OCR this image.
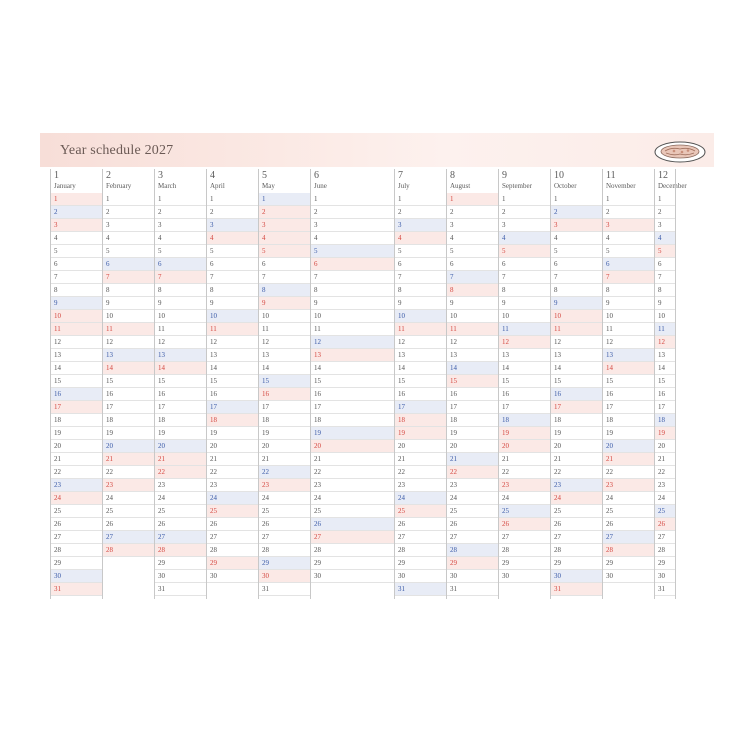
Year schedule 2027
1
January
1
2
3
4
5
6
7
8
9
10
11
12
13
14
15
16
17
18
19
20
21
22
23
24
25
26
27
28
29
30
31
2
February
1
2
3
4
5
6
7
8
9
10
11
12
13
14
15
16
17
18
19
20
21
22
23
24
25
26
27
28
3
March
1
2
3
4
5
6
7
8
9
10
11
12
13
14
15
16
17
18
19
20
21
22
23
24
25
26
27
28
29
30
31
4
April
1
2
3
4
5
6
7
8
9
10
11
12
13
14
15
16
17
18
19
20
21
22
23
24
25
26
27
28
29
30
5
May
1
2
3
4
5
6
7
8
9
10
11
12
13
14
15
16
17
18
19
20
21
22
23
24
25
26
27
28
29
30
31
6
June
1
2
3
4
5
6
7
8
9
10
11
12
13
14
15
16
17
18
19
20
21
22
23
24
25
26
27
28
29
30
7
July
1
2
3
4
5
6
7
8
9
10
11
12
13
14
15
16
17
18
19
20
21
22
23
24
25
26
27
28
29
30
31
8
August
1
2
3
4
5
6
7
8
9
10
11
12
13
14
15
16
17
18
19
20
21
22
23
24
25
26
27
28
29
30
31
9
September
1
2
3
4
5
6
7
8
9
10
11
12
13
14
15
16
17
18
19
20
21
22
23
24
25
26
27
28
29
30
10
October
1
2
3
4
5
6
7
8
9
10
11
12
13
14
15
16
17
18
19
20
21
22
23
24
25
26
27
28
29
30
31
11
November
1
2
3
4
5
6
7
8
9
10
11
12
13
14
15
16
17
18
19
20
21
22
23
24
25
26
27
28
29
30
12
December
1
2
3
4
5
6
7
8
9
10
11
12
13
14
15
16
17
18
19
20
21
22
23
24
25
26
27
28
29
30
31
